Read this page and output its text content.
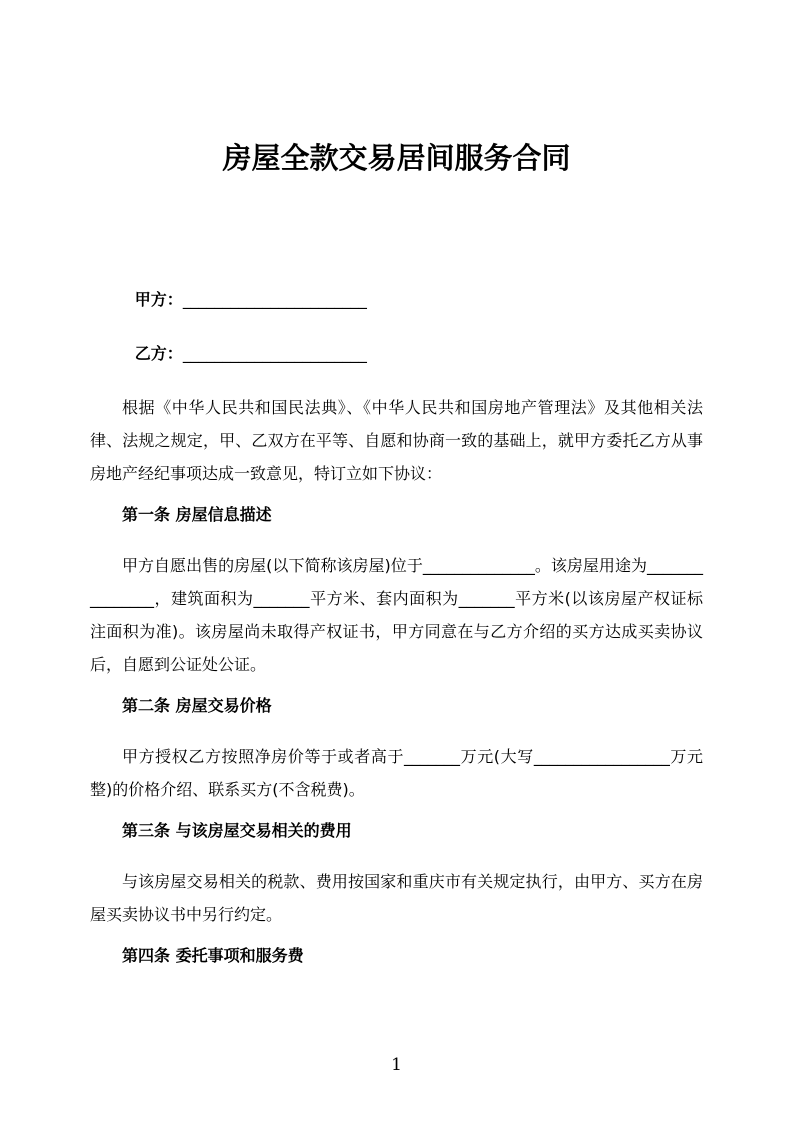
房屋全款交易居间服务合同

甲方：_______________________

乙方：_______________________

根据《中华人民共和国民法典》、《中华人民共和国房地产管理法》及其他相关法律、法规之规定，甲、乙双方在平等、自愿和协商一致的基础上，就甲方委托乙方从事房地产经纪事项达成一致意见，特订立如下协议：

第一条 房屋信息描述

甲方自愿出售的房屋(以下简称该房屋)位于______________。该房屋用途为_______________，建筑面积为_______平方米、套内面积为_______平方米(以该房屋产权证标注面积为准)。该房屋尚未取得产权证书，甲方同意在与乙方介绍的买方达成买卖协议后，自愿到公证处公证。

第二条 房屋交易价格

甲方授权乙方按照净房价等于或者高于_______万元(大写_________________万元整)的价格介绍、联系买方(不含税费)。

第三条 与该房屋交易相关的费用

与该房屋交易相关的税款、费用按国家和重庆市有关规定执行，由甲方、买方在房屋买卖协议书中另行约定。

第四条 委托事项和服务费
1
